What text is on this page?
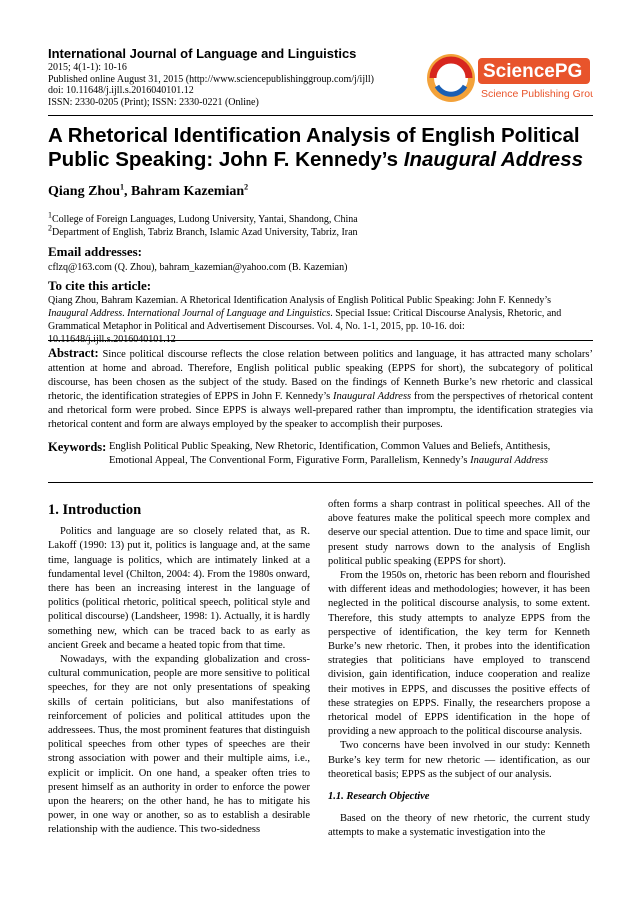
International Journal of Language and Linguistics
2015; 4(1-1): 10-16
Published online August 31, 2015 (http://www.sciencepublishinggroup.com/j/ijll)
doi: 10.11648/j.ijll.s.2016040101.12
ISSN: 2330-0205 (Print); ISSN: 2330-0221 (Online)
SciencePG
Science Publishing Group
A Rhetorical Identification Analysis of English Political
Public Speaking: John F. Kennedy’s Inaugural Address
Qiang Zhou$^1$, Bahram Kazemian$^2$
$^1$College of Foreign Languages, Ludong University, Yantai, Shandong, China
$^2$Department of English, Tabriz Branch, Islamic Azad University, Tabriz, Iran
Email addresses:
cflzq@163.com (Q. Zhou), bahram_kazemian@yahoo.com (B. Kazemian)
To cite this article:
Qiang Zhou, Bahram Kazemian. A Rhetorical Identification Analysis of English Political Public Speaking: John F. Kennedy’s Inaugural Address. International Journal of Language and Linguistics. Special Issue: Critical Discourse Analysis, Rhetoric, and Grammatical Metaphor in Political and Advertisement Discourses. Vol. 4, No. 1-1, 2015, pp. 10-16. doi: 10.11648/j.ijll.s.2016040101.12
Abstract: Since political discourse reflects the close relation between politics and language, it has attracted many scholars’ attention at home and abroad. Therefore, English political public speaking (EPPS for short), the subcategory of political discourse, has been chosen as the subject of the study. Based on the findings of Kenneth Burke’s new rhetoric and classical rhetoric, the identification strategies of EPPS in John F. Kennedy’s Inaugural Address from the perspectives of rhetorical content and rhetorical form were probed. Since EPPS is always well-prepared rather than impromptu, the identification strategies via rhetorical content and form are always employed by the speaker to accomplish their purposes.
Keywords:
English Political Public Speaking, New Rhetoric, Identification, Common Values and Beliefs, Antithesis, Emotional Appeal, The Conventional Form, Figurative Form, Parallelism, Kennedy’s Inaugural Address
1. Introduction

Politics and language are so closely related that, as R. Lakoff (1990: 13) put it, politics is language and, at the same time, language is politics, which are intimately linked at a fundamental level (Chilton, 2004: 4). From the 1980s onward, there has been an increasing interest in the language of politics (political rhetoric, political speech, political style and political discourse) (Landsheer, 1998: 1). Actually, it is hardly something new, which can be traced back to as early as ancient Greek and became a heated topic from that time.

Nowadays, with the expanding globalization and cross-cultural communication, people are more sensitive to political speeches, for they are not only presentations of speaking skills of certain politicians, but also manifestations of reinforcement of policies and political attitudes upon the addressees. Thus, the most prominent features that distinguish political speeches from other types of speeches are their strong association with power and their multiple aims, i.e., explicit or implicit. On one hand, a speaker often tries to present himself as an authority in order to enforce the power upon the hearers; on the other hand, he has to mitigate his power, in one way or another, so as to establish a desirable relationship with the audience. This two-sidedness

often forms a sharp contrast in political speeches. All of the above features make the political speech more complex and deserve our special attention. Due to time and space limit, our present study narrows down to the analysis of English political public speaking (EPPS for short).

From the 1950s on, rhetoric has been reborn and flourished with different ideas and methodologies; however, it has been neglected in the political discourse analysis, to some extent. Therefore, this study attempts to analyze EPPS from the perspective of identification, the key term for Kenneth Burke’s new rhetoric. Then, it probes into the identification strategies that politicians have employed to transcend division, gain identification, induce cooperation and realize their motives in EPPS, and discusses the positive effects of these strategies on EPPS. Finally, the researchers propose a rhetorical model of EPPS identification in the hope of providing a new approach to the political discourse analysis.

Two concerns have been involved in our study: Kenneth Burke’s key term for new rhetoric — identification, as our theoretical basis; EPPS as the subject of our analysis.

1.1. Research Objective

Based on the theory of new rhetoric, the current study attempts to make a systematic investigation into the
